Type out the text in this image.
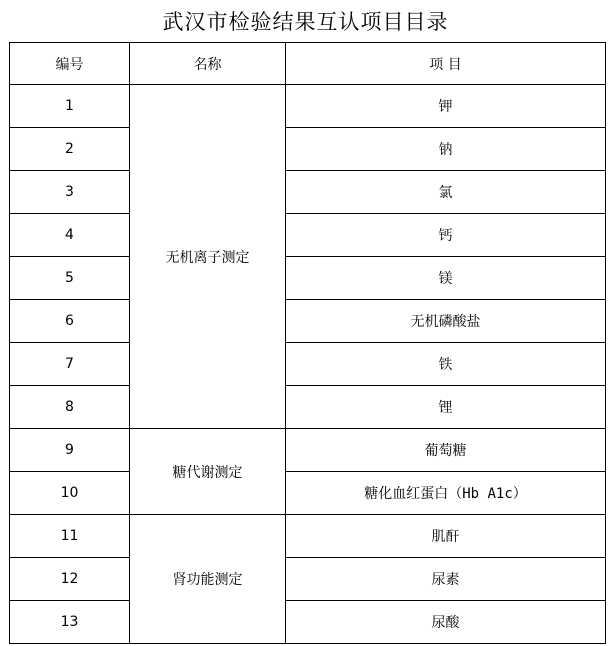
武汉市检验结果互认项目目录
编号	名称	项 目
1	无机离子测定	钾
2		钠
3		氯
4		钙
5		镁
6		无机磷酸盐
7		铁
8		锂
9	糖代谢测定	葡萄糖
10		糖化血红蛋白（Hb A1c）
11	肾功能测定	肌酐
12		尿素
13		尿酸
